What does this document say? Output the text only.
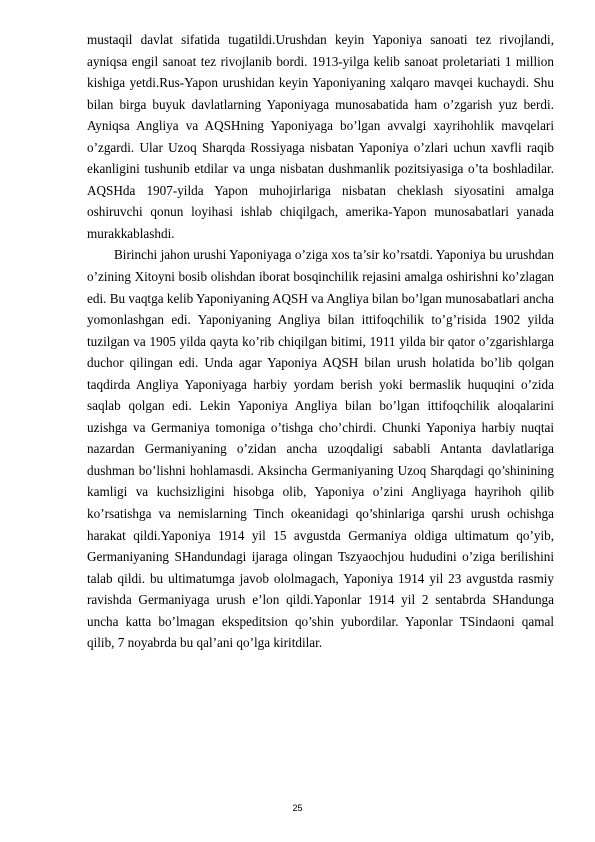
mustaqil davlat sifatida tugatildi.Urushdan keyin Yaponiya sanoati tez rivojlandi, ayniqsa engil sanoat tez rivojlanib bordi. 1913-yilga kelib sanoat proletariati 1 million kishiga yetdi.Rus-Yapon urushidan keyin Yaponiyaning xalqaro mavqei kuchaydi. Shu bilan birga buyuk davlatlarning Yaponiyaga munosabatida ham o’zgarish yuz berdi. Ayniqsa Angliya va AQSHning Yaponiyaga bo’lgan avvalgi xayrihohlik mavqelari o’zgardi. Ular Uzoq Sharqda Rossiyaga nisbatan Yaponiya o’zlari uchun xavfli raqib ekanligini tushunib etdilar va unga nisbatan dushmanlik pozitsiyasiga o’ta boshladilar. AQSHda 1907-yilda Yapon muhojirlariga nisbatan cheklash siyosatini amalga oshiruvchi qonun loyihasi ishlab chiqilgach, amerika-Yapon munosabatlari yanada murakkablashdi.

Birinchi jahon urushi Yaponiyaga o’ziga xos ta’sir ko’rsatdi. Yaponiya bu urushdan o’zining Xitoyni bosib olishdan iborat bosqinchilik rejasini amalga oshirishni ko’zlagan edi. Bu vaqtga kelib Yaponiyaning AQSH va Angliya bilan bo’lgan munosabatlari ancha yomonlashgan edi. Yaponiyaning Angliya bilan ittifoqchilik to’g’risida 1902 yilda tuzilgan va 1905 yilda qayta ko’rib chiqilgan bitimi, 1911 yilda bir qator o’zgarishlarga duchor qilingan edi. Unda agar Yaponiya AQSH bilan urush holatida bo’lib qolgan taqdirda Angliya Yaponiyaga harbiy yordam berish yoki bermaslik huquqini o’zida saqlab qolgan edi. Lekin Yaponiya Angliya bilan bo’lgan ittifoqchilik aloqalarini uzishga va Germaniya tomoniga o’tishga cho’chirdi. Chunki Yaponiya harbiy nuqtai nazardan Germaniyaning o’zidan ancha uzoqdaligi sababli Antanta davlatlariga dushman bo’lishni hohlamasdi. Aksincha Germaniyaning Uzoq Sharqdagi qo’shinining kamligi va kuchsizligini hisobga olib, Yaponiya o’zini Angliyaga hayrihoh qilib ko’rsatishga va nemislarning Tinch okeanidagi qo’shinlariga qarshi urush ochishga harakat qildi.Yaponiya 1914 yil 15 avgustda Germaniya oldiga ultimatum qo’yib, Germaniyaning SHandundagi ijaraga olingan Tszyaochjou hududini o’ziga berilishini talab qildi. bu ultimatumga javob ololmagach, Yaponiya 1914 yil 23 avgustda rasmiy ravishda Germaniyaga urush e’lon qildi.Yaponlar 1914 yil 2 sentabrda SHandunga uncha katta bo’lmagan ekspeditsion qo’shin yubordilar. Yaponlar TSindaoni qamal qilib, 7 noyabrda bu qal’ani qo’lga kiritdilar.

25
